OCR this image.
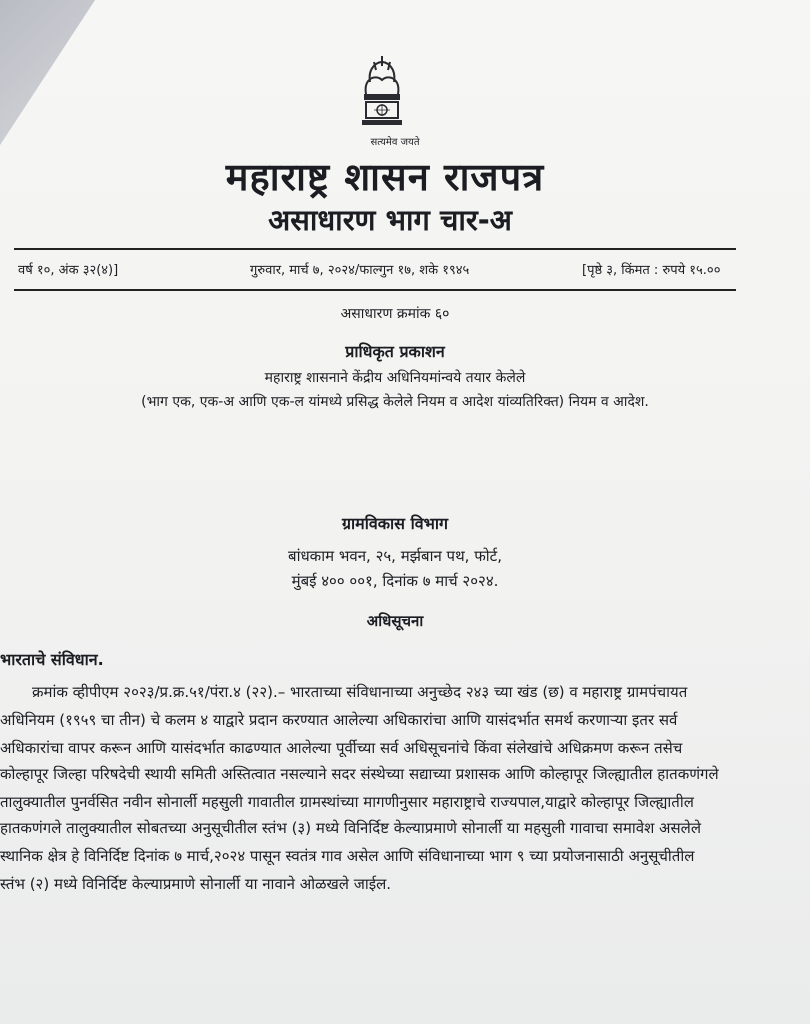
सत्यमेव जयते
महाराष्ट्र शासन राजपत्र
असाधारण भाग चार-अ
वर्ष १०, अंक ३२(४)]	गुरुवार, मार्च ७, २०२४/फाल्गुन १७, शके १९४५	[पृष्ठे ३, किंमत : रुपये १५.००
असाधारण क्रमांक ६०
प्राधिकृत प्रकाशन
महाराष्ट्र शासनाने केंद्रीय अधिनियमांन्वये तयार केलेले
(भाग एक, एक-अ आणि एक-ल यांमध्ये प्रसिद्ध केलेले नियम व आदेश यांव्यतिरिक्त) नियम व आदेश.
ग्रामविकास विभाग
बांधकाम भवन, २५, मर्झबान पथ, फोर्ट,
मुंबई ४०० ००१, दिनांक ७ मार्च २०२४.
अधिसूचना
भारताचे संविधान.
क्रमांक व्हीपीएम २०२३/प्र.क्र.५१/पंरा.४ (२२).– भारताच्या संविधानाच्या अनुच्छेद २४३ च्या खंड (छ) व महाराष्ट्र ग्रामपंचायत
अधिनियम (१९५९ चा तीन) चे कलम ४ याद्वारे प्रदान करण्यात आलेल्या अधिकारांचा आणि यासंदर्भात समर्थ करणाऱ्या इतर सर्व
अधिकारांचा वापर करून आणि यासंदर्भात काढण्यात आलेल्या पूर्वीच्या सर्व अधिसूचनांचे किंवा संलेखांचे अधिक्रमण करून तसेच
कोल्हापूर जिल्हा परिषदेची स्थायी समिती अस्तित्वात नसल्याने सदर संस्थेच्या सद्याच्या प्रशासक आणि कोल्हापूर जिल्ह्यातील हातकणंगले
तालुक्यातील पुनर्वसित नवीन सोनार्ली महसुली गावातील ग्रामस्थांच्या मागणीनुसार महाराष्ट्राचे राज्यपाल,याद्वारे कोल्हापूर जिल्ह्यातील
हातकणंगले तालुक्यातील सोबतच्या अनुसूचीतील स्तंभ (३) मध्ये विनिर्दिष्ट केल्याप्रमाणे सोनार्ली या महसुली गावाचा समावेश असलेले
स्थानिक क्षेत्र हे विनिर्दिष्ट दिनांक ७ मार्च,२०२४ पासून स्वतंत्र गाव असेल आणि संविधानाच्या भाग ९ च्या प्रयोजनासाठी अनुसूचीतील
स्तंभ (२) मध्ये विनिर्दिष्ट केल्याप्रमाणे सोनार्ली या नावाने ओळखले जाईल.
